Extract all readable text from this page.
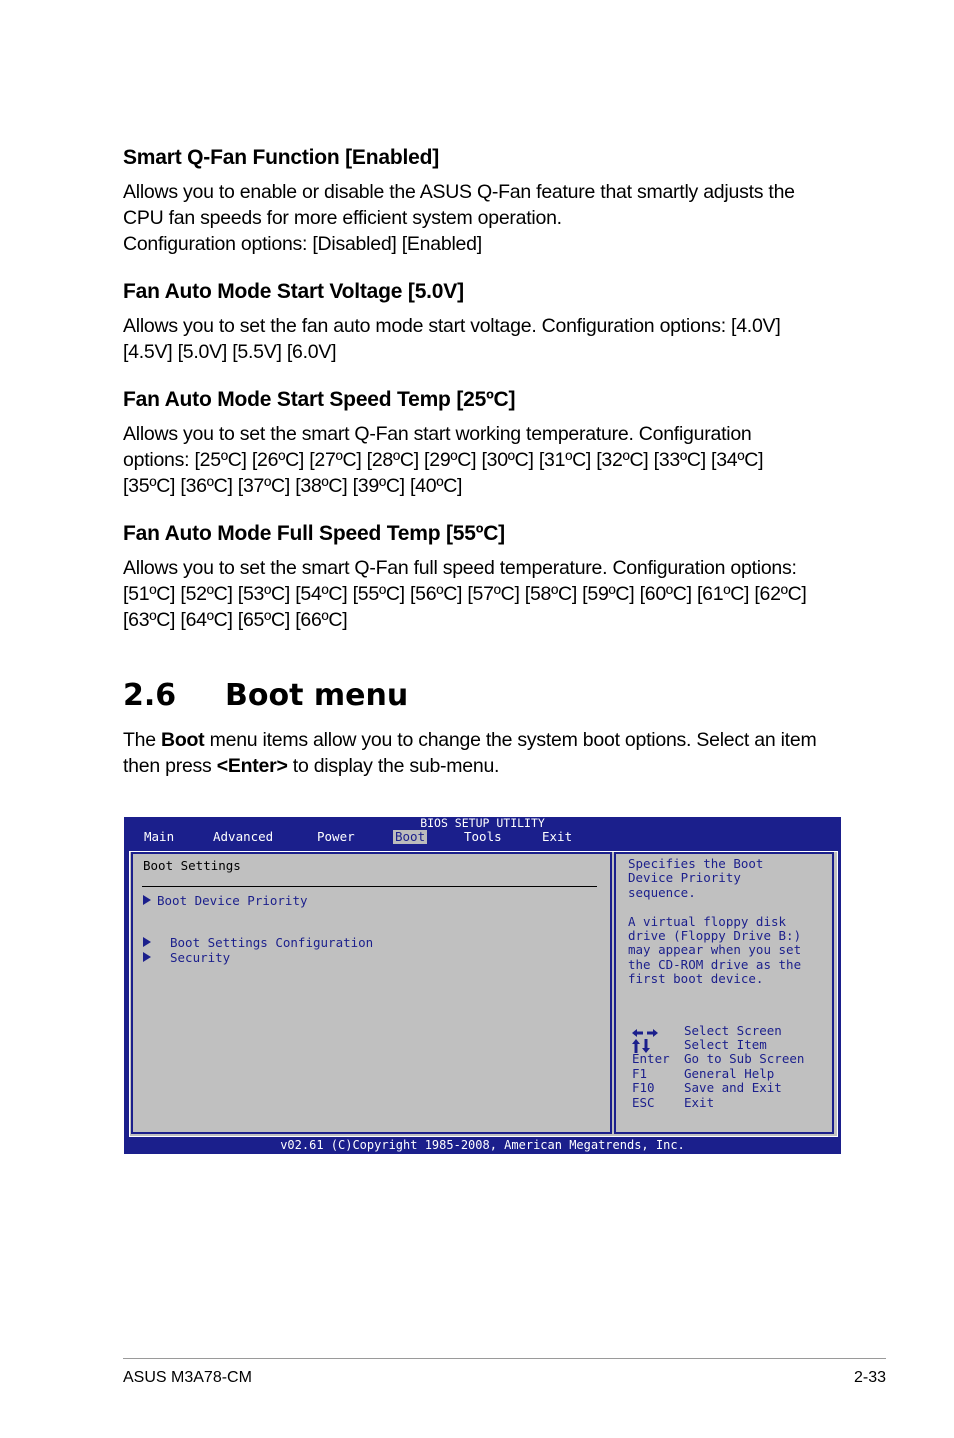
Smart Q-Fan Function [Enabled]

Allows you to enable or disable the ASUS Q-Fan feature that smartly adjusts the
CPU fan speeds for more efficient system operation.
Configuration options: [Disabled] [Enabled]

Fan Auto Mode Start Voltage [5.0V]

Allows you to set the fan auto mode start voltage. Configuration options: [4.0V]
[4.5V] [5.0V] [5.5V] [6.0V]

Fan Auto Mode Start Speed Temp [25ºC]

Allows you to set the smart Q-Fan start working temperature. Configuration
options: [25ºC] [26ºC] [27ºC] [28ºC] [29ºC] [30ºC] [31ºC] [32ºC] [33ºC] [34ºC]
[35ºC] [36ºC] [37ºC] [38ºC] [39ºC] [40ºC]

Fan Auto Mode Full Speed Temp [55ºC]

Allows you to set the smart Q-Fan full speed temperature. Configuration options:
[51ºC] [52ºC] [53ºC] [54ºC] [55ºC] [56ºC] [57ºC] [58ºC] [59ºC] [60ºC] [61ºC] [62ºC]
[63ºC] [64ºC] [65ºC] [66ºC]

2.6 Boot menu

The Boot menu items allow you to change the system boot options. Select an item
then press <Enter> to display the sub-menu.

BIOS SETUP UTILITY
Main	Advanced	Power	Boot	Tools	Exit
Boot Settings
Boot Device Priority
Boot Settings Configuration
Security
Specifies the Boot
Device Priority
sequence.

A virtual floppy disk
drive (Floppy Drive B:)
may appear when you set
the CD-ROM drive as the
first boot device.
Select Screen
Select Item
Enter Go to Sub Screen
F1	General Help
F10 Save and Exit
ESC Exit
v02.61 (C)Copyright 1985-2008, American Megatrends, Inc.
ASUS M3A78-CM	2-33
